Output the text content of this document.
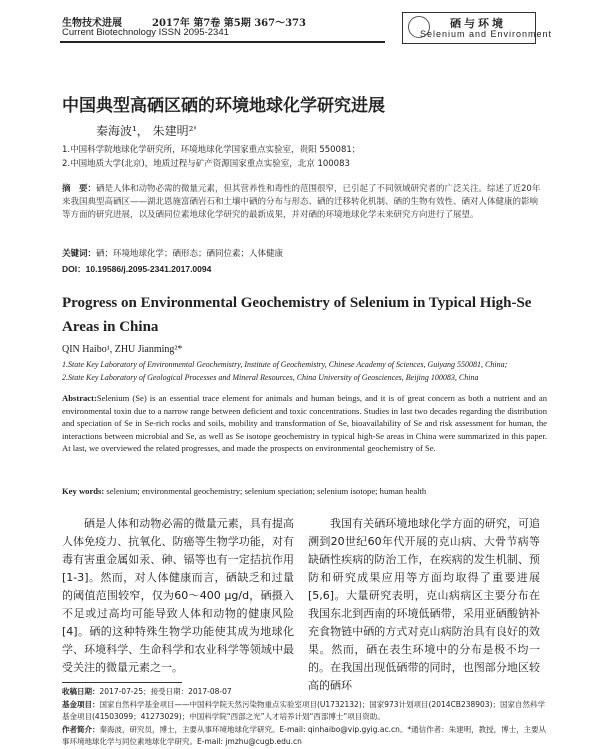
生物技术进展	2017年 第7卷 第5期 367～373
Current Biotechnology ISSN 2095-2341
硒与环境
Selenium and Environment
中国典型高硒区硒的环境地球化学研究进展
秦海波¹， 朱建明²'
1.中国科学院地球化学研究所，环境地球化学国家重点实验室，贵阳 550081；
2.中国地质大学(北京)，地质过程与矿产资源国家重点实验室，北京 100083
摘　要：硒是人体和动物必需的微量元素，但其营养性和毒性的范围很窄，已引起了不同领域研究者的广泛关注。综述了近20年来我国典型高硒区——湖北恩施富硒岩石和土壤中硒的分布与形态、硒的迁移转化机制、硒的生物有效性、硒对人体健康的影响等方面的研究进展，以及硒同位素地球化学研究的最新成果，并对硒的环境地球化学未来研究方向进行了展望。
关键词：硒；环境地球化学；硒形态；硒同位素；人体健康
DOI：10.19586/j.2095-2341.2017.0094
Progress on Environmental Geochemistry of Selenium in Typical High-Se Areas in China
QIN Haibo¹, ZHU Jianming²*
1.State Key Laboratory of Environmental Geochemistry, Institute of Geochemistry, Chinese Academy of Sciences, Guiyang 550081, China;
2.State Key Laboratory of Geological Processes and Mineral Resources, China University of Geosciences, Beijing 100083, China
Abstract:Selenium (Se) is an essential trace element for animals and human beings, and it is of great concern as both a nutrient and an environmental toxin due to a narrow range between deficient and toxic concentrations. Studies in last two decades regarding the distribution and speciation of Se in Se-rich rocks and soils, mobility and transformation of Se, bioavailability of Se and risk assessment for human, the interactions between microbial and Se, as well as Se isotope geochemistry in typical high-Se areas in China were summarized in this paper. At last, we overviewed the related progresses, and made the prospects on environmental geochemistry of Se.
Key words: selenium; environmental geochemistry; selenium speciation; selenium isotope; human health
硒是人体和动物必需的微量元素，具有提高人体免疫力、抗氧化、防癌等生物学功能，对有毒有害重金属如汞、砷、镉等也有一定拮抗作用[1-3]。然而，对人体健康而言，硒缺乏和过量的阈值范围较窄，仅为60～400 μg/d，硒摄入不足或过高均可能导致人体和动物的健康风险[4]。硒的这种特殊生物学功能使其成为地球化学、环境科学、生命科学和农业科学等领域中最受关注的微量元素之一。
我国有关硒环境地球化学方面的研究，可追溯到20世纪60年代开展的克山病、大骨节病等缺硒性疾病的防治工作，在疾病的发生机制、预防和研究成果应用等方面均取得了重要进展[5,6]。大量研究表明，克山病病区主要分布在我国东北到西南的环境低硒带，采用亚硒酸钠补充食物链中硒的方式对克山病防治具有良好的效果。然而，硒在表生环境中的分布是极不均一的。在我国出现低硒带的同时，也图部分地区较高的硒环
收稿日期：2017-07-25；接受日期：2017-08-07
基金项目：国家自然科学基金项目——中国科学院天然污染物重点实验室项目(U1732132)；国家973计划项目(2014CB238903)；国家自然科学基金项目(41503099；41273029)；中国科学院“西部之光”人才培养计划“西部博士”项目资助。
作者简介：秦海波，研究员，博士，主要从事环境地球化学研究。E-mail: qinhaibo@vip.gyig.ac.cn。*通信作者：朱建明，教授，博士，主要从事环境地球化学与同位素地球化学研究。E-mail: jmzhu@cugb.edu.cn
